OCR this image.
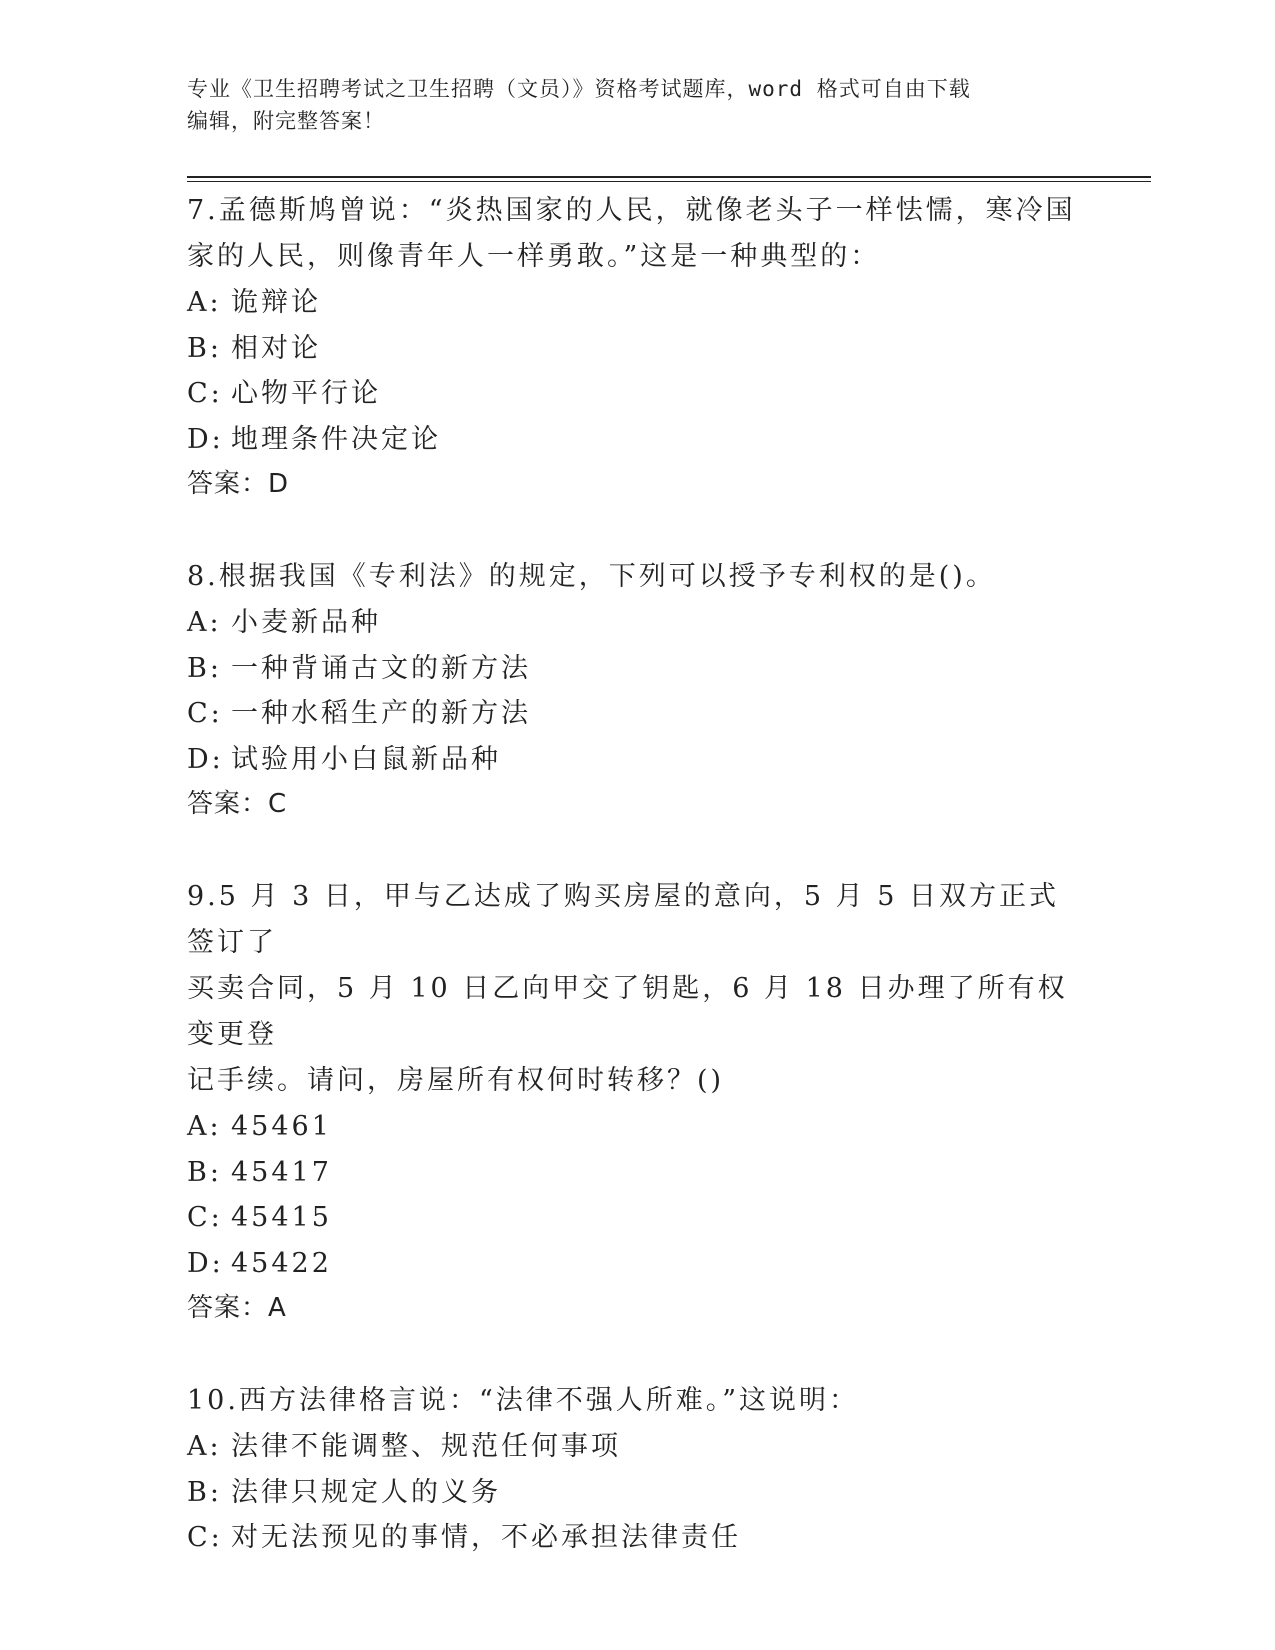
专业《卫生招聘考试之卫生招聘（文员）》资格考试题库，word 格式可自由下载
编辑，附完整答案！

7.孟德斯鸠曾说：“炎热国家的人民，就像老头子一样怯懦，寒冷国

家的人民，则像青年人一样勇敢。”这是一种典型的：

A: 诡辩论

B: 相对论

C: 心物平行论

D: 地理条件决定论

答案：D

8.根据我国《专利法》的规定，下列可以授予专利权的是()。

A: 小麦新品种

B: 一种背诵古文的新方法

C: 一种水稻生产的新方法

D: 试验用小白鼠新品种

答案：C

9.5 月 3 日，甲与乙达成了购买房屋的意向，5 月 5 日双方正式签订了

买卖合同，5 月 10 日乙向甲交了钥匙，6 月 18 日办理了所有权变更登

记手续。请问，房屋所有权何时转移？()

A: 45461

B: 45417

C: 45415

D: 45422

答案：A

10.西方法律格言说：“法律不强人所难。”这说明：

A: 法律不能调整、规范任何事项

B: 法律只规定人的义务

C: 对无法预见的事情，不必承担法律责任
